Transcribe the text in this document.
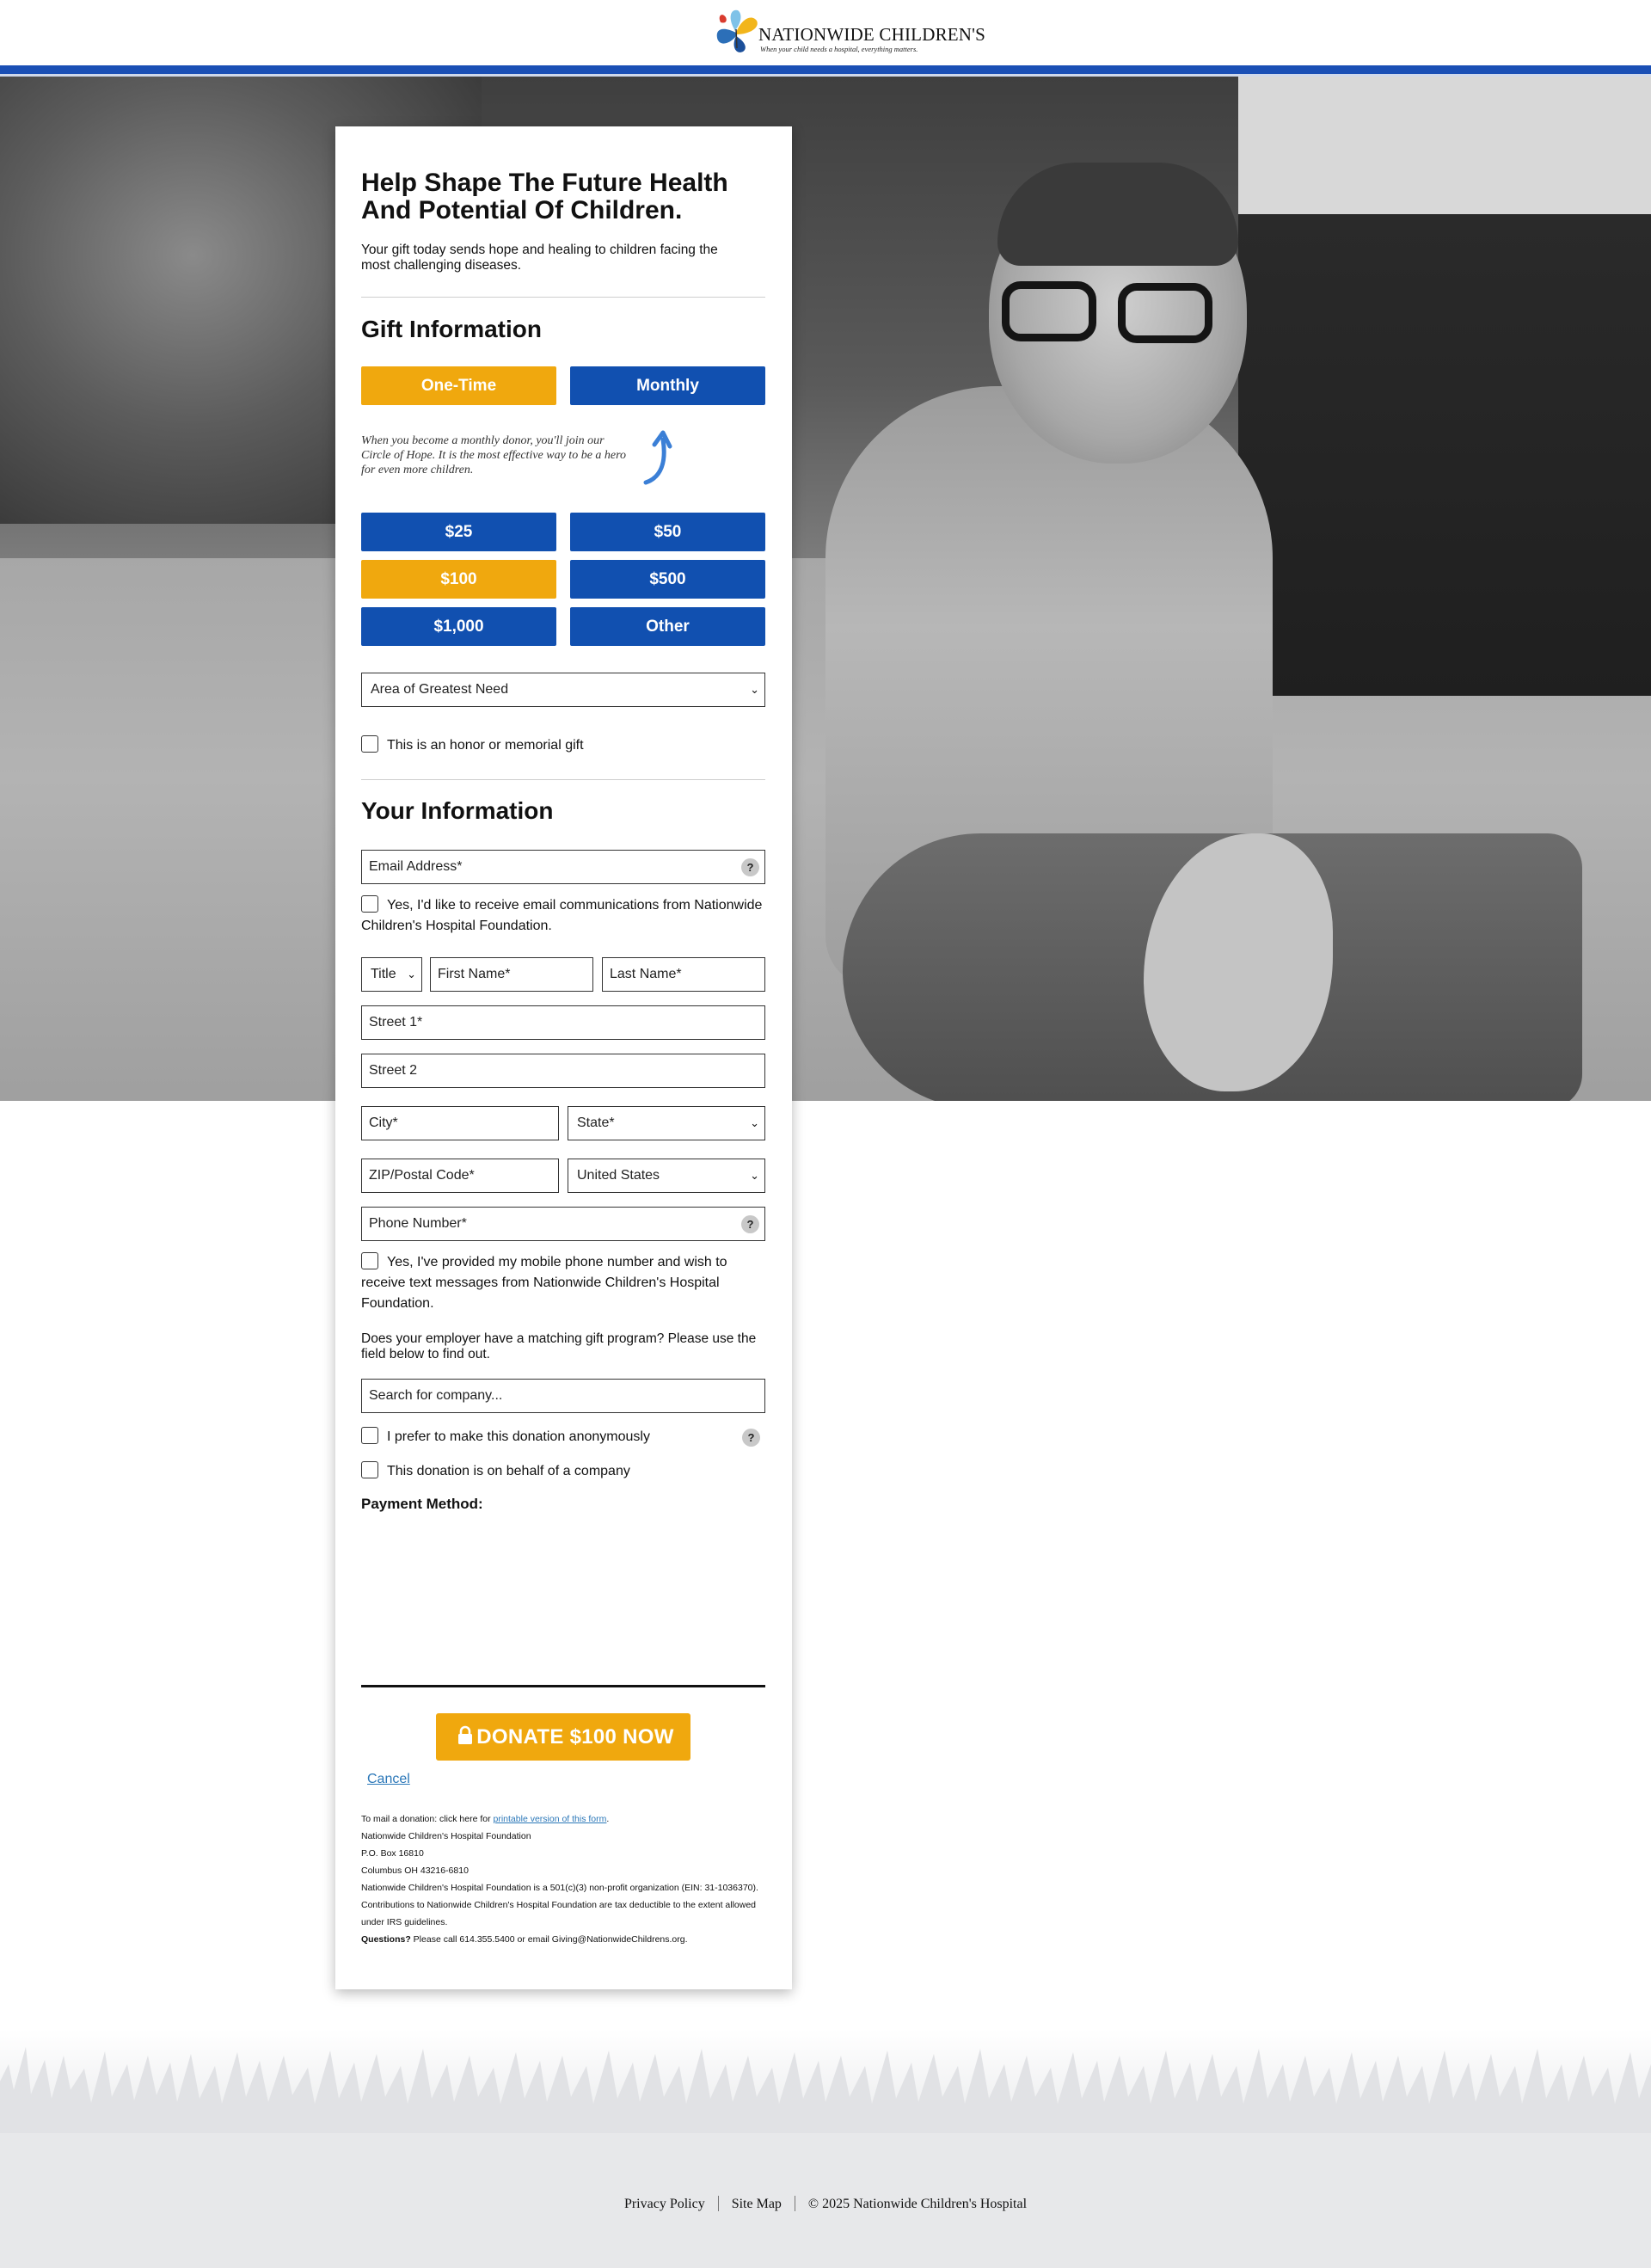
NATIONWIDE CHILDREN'S
When your child needs a hospital, everything matters.
Help Shape The Future Health And Potential Of Children.
Your gift today sends hope and healing to children facing the most challenging diseases.
Gift Information
One-Time	Monthly
When you become a monthly donor, you'll join our Circle of Hope. It is the most effective way to be a hero for even more children.
$25	$50
$100	$500
$1,000	Other
Area of Greatest Need	⌄
This is an honor or memorial gift
Your Information
Email Address*	?
Yes, I'd like to receive email communications from Nationwide Children's Hospital Foundation.
Title ⌄	First Name*	Last Name*
Street 1*
Street 2
City*	State*	⌄
ZIP/Postal Code*	United States	⌄
Phone Number*	?
Yes, I've provided my mobile phone number and wish to receive text messages from Nationwide Children's Hospital Foundation.
Does your employer have a matching gift program? Please use the field below to find out.
Search for company...
I prefer to make this donation anonymously	?
This donation is on behalf of a company
Payment Method:
DONATE $100 NOW
Cancel
To mail a donation: click here for printable version of this form.
Nationwide Children's Hospital Foundation
P.O. Box 16810
Columbus OH 43216-6810
Nationwide Children's Hospital Foundation is a 501(c)(3) non-profit organization (EIN: 31-1036370).
Contributions to Nationwide Children's Hospital Foundation are tax deductible to the extent allowed under IRS guidelines.
Questions? Please call 614.355.5400 or email Giving@NationwideChildrens.org.
Privacy Policy Site Map © 2025 Nationwide Children's Hospital
